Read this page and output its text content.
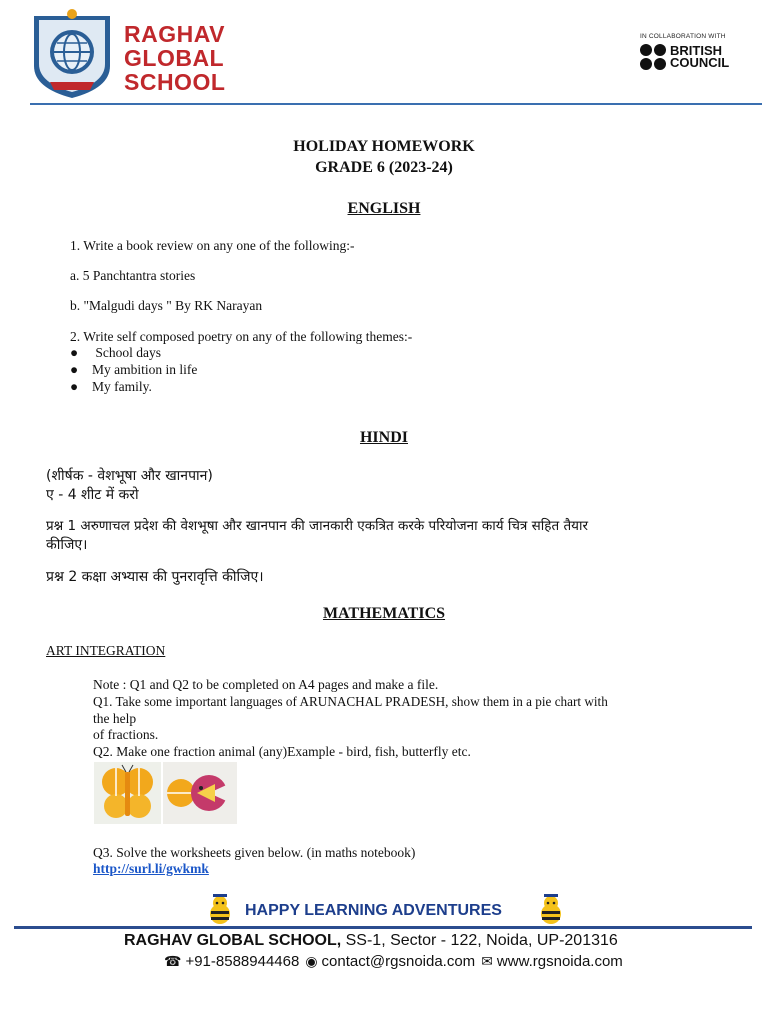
RAGHAV
GLOBAL
SCHOOL
IN COLLABORATION WITH
BRITISH
COUNCIL
HOLIDAY HOMEWORK
GRADE 6 (2023-24)
ENGLISH
1. Write a book review on any one of the following:-
a. 5 Panchtantra stories
b. "Malgudi days " By RK Narayan
2. Write self composed poetry on any of the following themes:-
● School days
● My ambition in life
● My family.
HINDI
(शीर्षक - वेशभूषा और खानपान)
ए - 4 शीट में करो
प्रश्न 1 अरुणाचल प्रदेश की वेशभूषा और खानपान की जानकारी एकत्रित करके परियोजना कार्य चित्र सहित तैयार
कीजिए।
प्रश्न 2 कक्षा अभ्यास की पुनरावृत्ति कीजिए।
MATHEMATICS
ART INTEGRATION
Note : Q1 and Q2 to be completed on A4 pages and make a file.
Q1. Take some important languages of ARUNACHAL PRADESH, show them in a pie chart with
the help
of fractions.
Q2. Make one fraction animal (any)Example - bird, fish, butterfly etc.
Q3. Solve the worksheets given below. (in maths notebook)
http://surl.li/gwkmk
HAPPY LEARNING ADVENTURES
RAGHAV GLOBAL SCHOOL, SS-1, Sector - 122, Noida, UP-201316
☎ +91-8588944468 ◉ contact@rgsnoida.com ✉ www.rgsnoida.com
